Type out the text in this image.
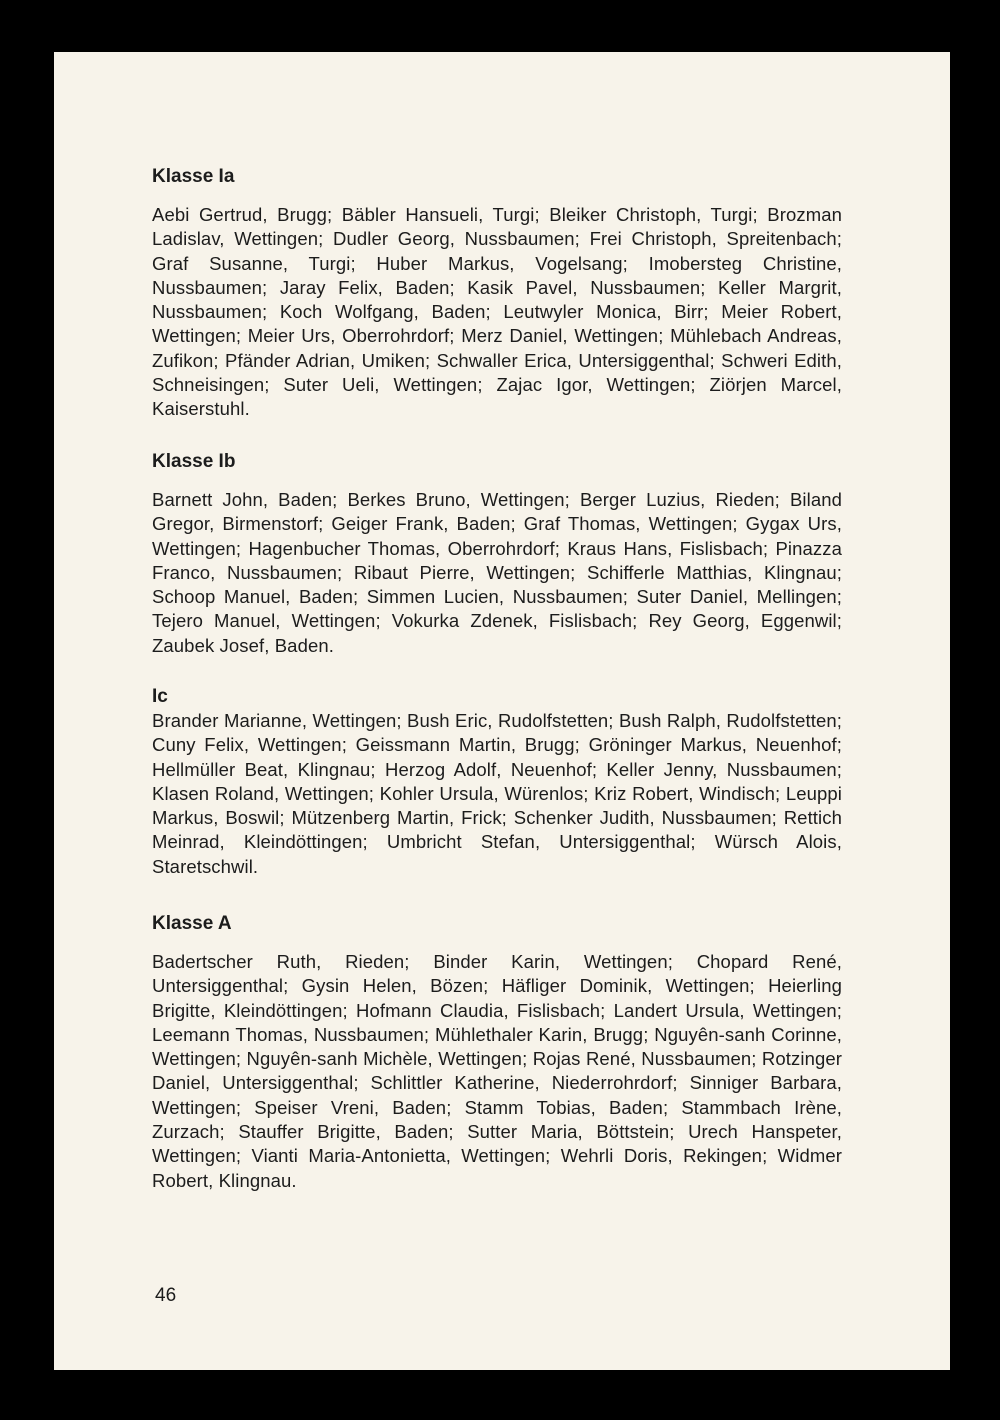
Klasse Ia

Aebi Gertrud, Brugg; Bäbler Hansueli, Turgi; Bleiker Christoph, Turgi; Brozman Ladislav, Wettingen; Dudler Georg, Nussbaumen; Frei Christoph, Spreitenbach; Graf Susanne, Turgi; Huber Markus, Vogelsang; Imobersteg Christine, Nussbaumen; Jaray Felix, Baden; Kasik Pavel, Nussbaumen; Keller Margrit, Nussbaumen; Koch Wolfgang, Baden; Leutwyler Monica, Birr; Meier Robert, Wettingen; Meier Urs, Oberrohrdorf; Merz Daniel, Wettingen; Mühlebach Andreas, Zufikon; Pfänder Adrian, Umiken; Schwaller Erica, Untersiggenthal; Schweri Edith, Schneisingen; Suter Ueli, Wettingen; Zajac Igor, Wettingen; Ziörjen Marcel, Kaiserstuhl.

Klasse Ib

Barnett John, Baden; Berkes Bruno, Wettingen; Berger Luzius, Rieden; Biland Gregor, Birmenstorf; Geiger Frank, Baden; Graf Thomas, Wettingen; Gygax Urs, Wettingen; Hagenbucher Thomas, Oberrohrdorf; Kraus Hans, Fislisbach; Pinazza Franco, Nussbaumen; Ribaut Pierre, Wettingen; Schifferle Matthias, Klingnau; Schoop Manuel, Baden; Simmen Lucien, Nussbaumen; Suter Daniel, Mellingen; Tejero Manuel, Wettingen; Vokurka Zdenek, Fislisbach; Rey Georg, Eggenwil; Zaubek Josef, Baden.

Ic

Brander Marianne, Wettingen; Bush Eric, Rudolfstetten; Bush Ralph, Rudolfstetten; Cuny Felix, Wettingen; Geissmann Martin, Brugg; Gröninger Markus, Neuenhof; Hellmüller Beat, Klingnau; Herzog Adolf, Neuenhof; Keller Jenny, Nussbaumen; Klasen Roland, Wettingen; Kohler Ursula, Würenlos; Kriz Robert, Windisch; Leuppi Markus, Boswil; Mützenberg Martin, Frick; Schenker Judith, Nussbaumen; Rettich Meinrad, Kleindöttingen; Umbricht Stefan, Untersiggenthal; Würsch Alois, Staretschwil.

Klasse A

Badertscher Ruth, Rieden; Binder Karin, Wettingen; Chopard René, Untersiggenthal; Gysin Helen, Bözen; Häfliger Dominik, Wettingen; Heierling Brigitte, Kleindöttingen; Hofmann Claudia, Fislisbach; Landert Ursula, Wettingen; Leemann Thomas, Nussbaumen; Mühlethaler Karin, Brugg; Nguyên-sanh Corinne, Wettingen; Nguyên-sanh Michèle, Wettingen; Rojas René, Nussbaumen; Rotzinger Daniel, Untersiggenthal; Schlittler Katherine, Niederrohrdorf; Sinniger Barbara, Wettingen; Speiser Vreni, Baden; Stamm Tobias, Baden; Stammbach Irène, Zurzach; Stauffer Brigitte, Baden; Sutter Maria, Böttstein; Urech Hanspeter, Wettingen; Vianti Maria-Antonietta, Wettingen; Wehrli Doris, Rekingen; Widmer Robert, Klingnau.

46
